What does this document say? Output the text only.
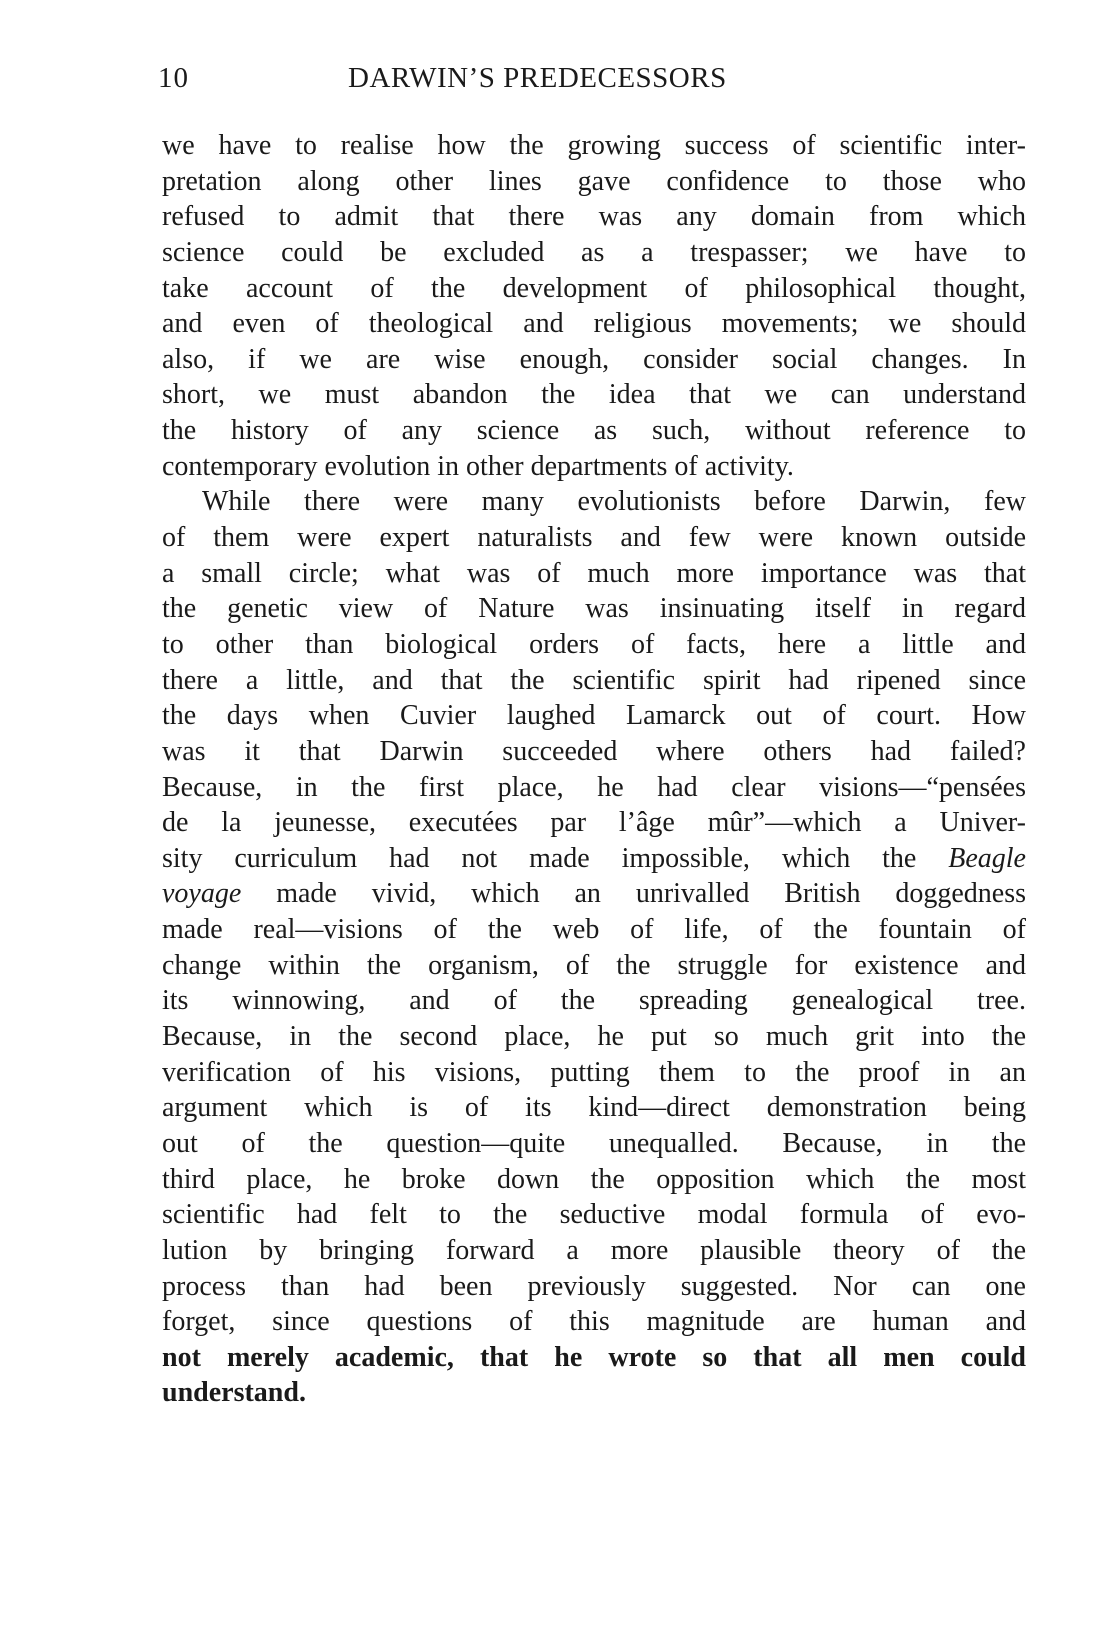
10	DARWIN’S PREDECESSORS

we have to realise how the growing success of scientific inter-
pretation along other lines gave confidence to those who
refused to admit that there was any domain from which
science could be excluded as a trespasser; we have to
take account of the development of philosophical thought,
and even of theological and religious movements; we should
also, if we are wise enough, consider social changes. In
short, we must abandon the idea that we can understand
the history of any science as such, without reference to
contemporary evolution in other departments of activity.

While there were many evolutionists before Darwin, few
of them were expert naturalists and few were known outside
a small circle; what was of much more importance was that
the genetic view of Nature was insinuating itself in regard
to other than biological orders of facts, here a little and
there a little, and that the scientific spirit had ripened since
the days when Cuvier laughed Lamarck out of court. How
was it that Darwin succeeded where others had failed?
Because, in the first place, he had clear visions—“pensées
de la jeunesse, executées par l’âge mûr”—which a Univer-
sity curriculum had not made impossible, which the Beagle
voyage made vivid, which an unrivalled British doggedness
made real—visions of the web of life, of the fountain of
change within the organism, of the struggle for existence and
its winnowing, and of the spreading genealogical tree.
Because, in the second place, he put so much grit into the
verification of his visions, putting them to the proof in an
argument which is of its kind—direct demonstration being
out of the question—quite unequalled. Because, in the
third place, he broke down the opposition which the most
scientific had felt to the seductive modal formula of evo-
lution by bringing forward a more plausible theory of the
process than had been previously suggested. Nor can one
forget, since questions of this magnitude are human and
not merely academic, that he wrote so that all men could
understand.
